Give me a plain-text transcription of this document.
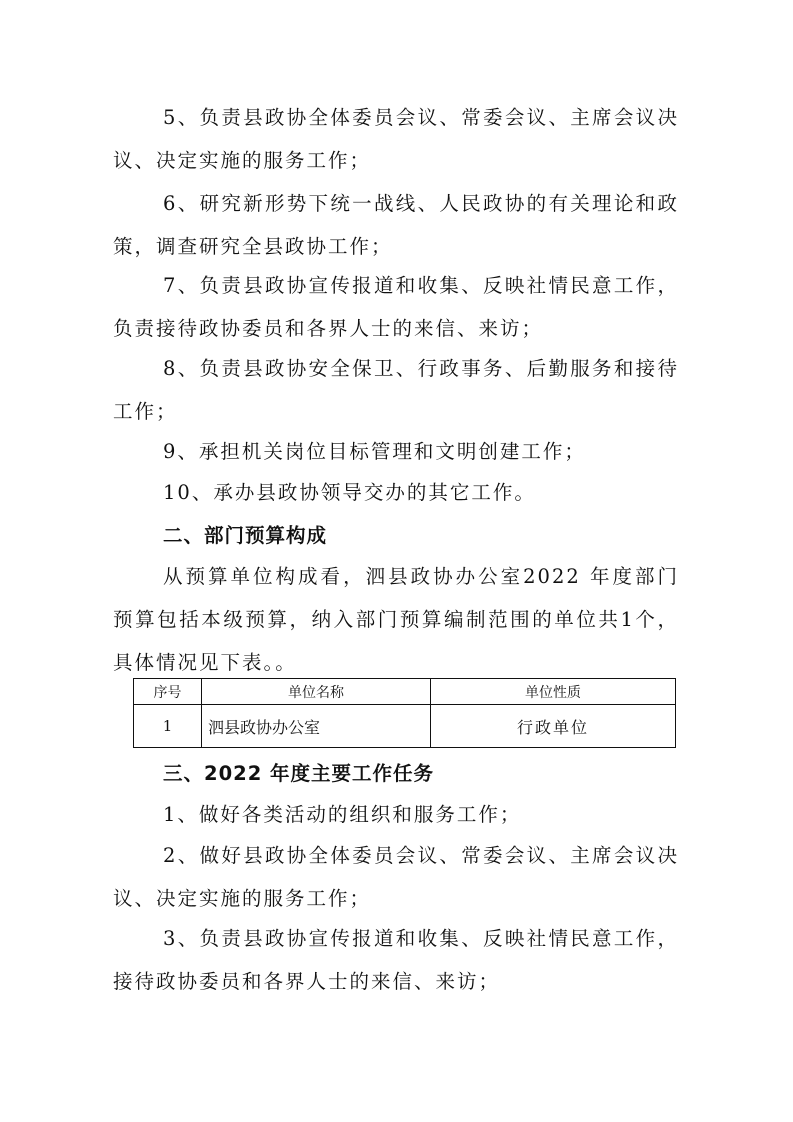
5、负责县政协全体委员会议、常委会议、主席会议决议、决定实施的服务工作；

6、研究新形势下统一战线、人民政协的有关理论和政策，调查研究全县政协工作；

7、负责县政协宣传报道和收集、反映社情民意工作，负责接待政协委员和各界人士的来信、来访；

8、负责县政协安全保卫、行政事务、后勤服务和接待工作；

9、承担机关岗位目标管理和文明创建工作；

10、承办县政协领导交办的其它工作。

二、部门预算构成

从预算单位构成看，泗县政协办公室2022 年度部门预算包括本级预算，纳入部门预算编制范围的单位共1个，具体情况见下表。。

序号	单位名称	单位性质
1	泗县政协办公室	行政单位

三、2022 年度主要工作任务

1、做好各类活动的组织和服务工作；

2、做好县政协全体委员会议、常委会议、主席会议决议、决定实施的服务工作；

3、负责县政协宣传报道和收集、反映社情民意工作，接待政协委员和各界人士的来信、来访；
